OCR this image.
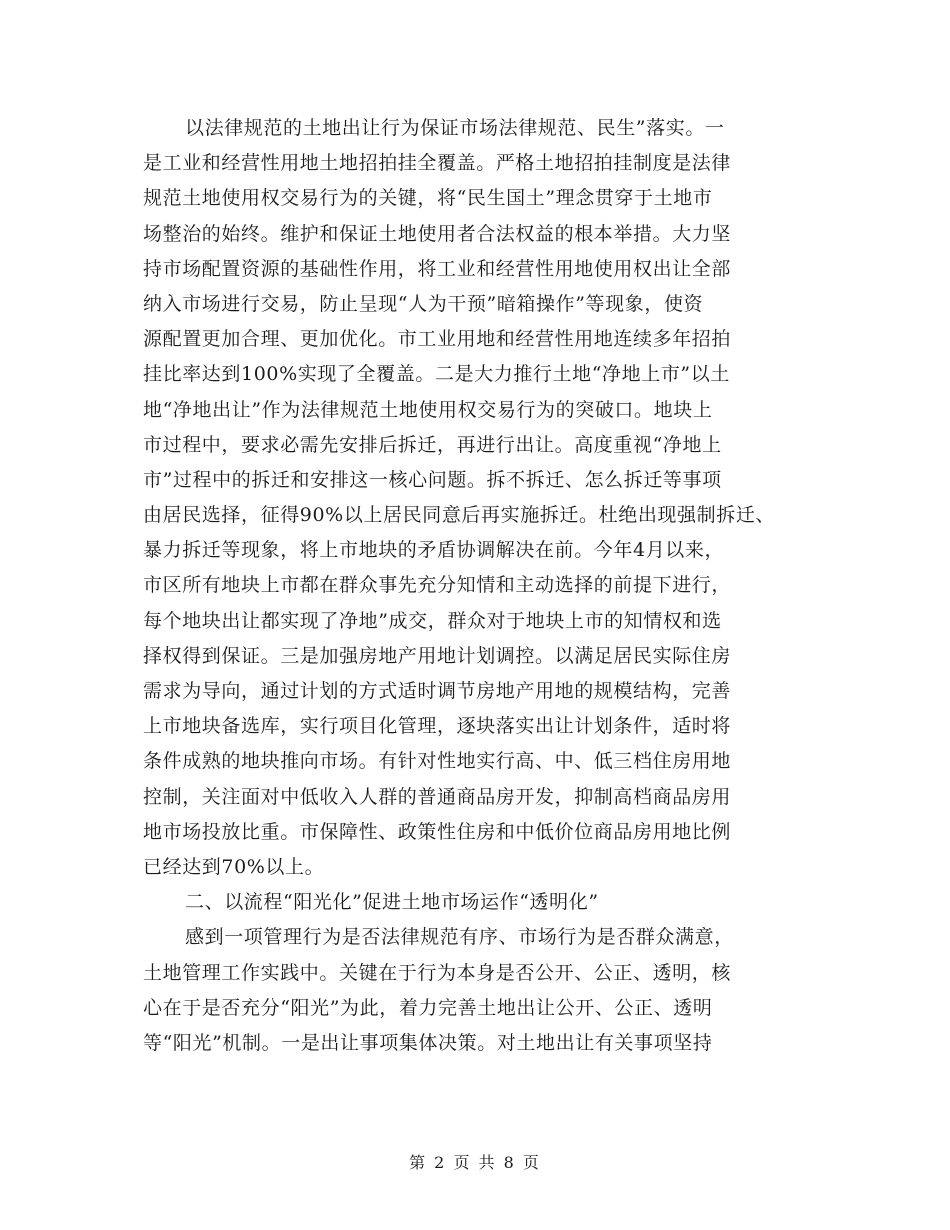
以法律规范的土地出让行为保证市场法律规范、民生”落实。一
是工业和经营性用地土地招拍挂全覆盖。严格土地招拍挂制度是法律
规范土地使用权交易行为的关键，将“民生国土”理念贯穿于土地市
场整治的始终。维护和保证土地使用者合法权益的根本举措。大力坚
持市场配置资源的基础性作用，将工业和经营性用地使用权出让全部
纳入市场进行交易，防止呈现“人为干预”暗箱操作”等现象，使资
源配置更加合理、更加优化。市工业用地和经营性用地连续多年招拍
挂比率达到100%实现了全覆盖。二是大力推行土地“净地上市”以土
地“净地出让”作为法律规范土地使用权交易行为的突破口。地块上
市过程中，要求必需先安排后拆迁，再进行出让。高度重视“净地上
市”过程中的拆迁和安排这一核心问题。拆不拆迁、怎么拆迁等事项
由居民选择，征得90%以上居民同意后再实施拆迁。杜绝出现强制拆迁、
暴力拆迁等现象，将上市地块的矛盾协调解决在前。今年4月以来，
市区所有地块上市都在群众事先充分知情和主动选择的前提下进行，
每个地块出让都实现了净地”成交，群众对于地块上市的知情权和选
择权得到保证。三是加强房地产用地计划调控。以满足居民实际住房
需求为导向，通过计划的方式适时调节房地产用地的规模结构，完善
上市地块备选库，实行项目化管理，逐块落实出让计划条件，适时将
条件成熟的地块推向市场。有针对性地实行高、中、低三档住房用地
控制，关注面对中低收入人群的普通商品房开发，抑制高档商品房用
地市场投放比重。市保障性、政策性住房和中低价位商品房用地比例
已经达到70%以上。
二、以流程“阳光化”促进土地市场运作“透明化”
感到一项管理行为是否法律规范有序、市场行为是否群众满意，
土地管理工作实践中。关键在于行为本身是否公开、公正、透明，核
心在于是否充分“阳光”为此，着力完善土地出让公开、公正、透明
等“阳光”机制。一是出让事项集体决策。对土地出让有关事项坚持
第 2 页 共 8 页
